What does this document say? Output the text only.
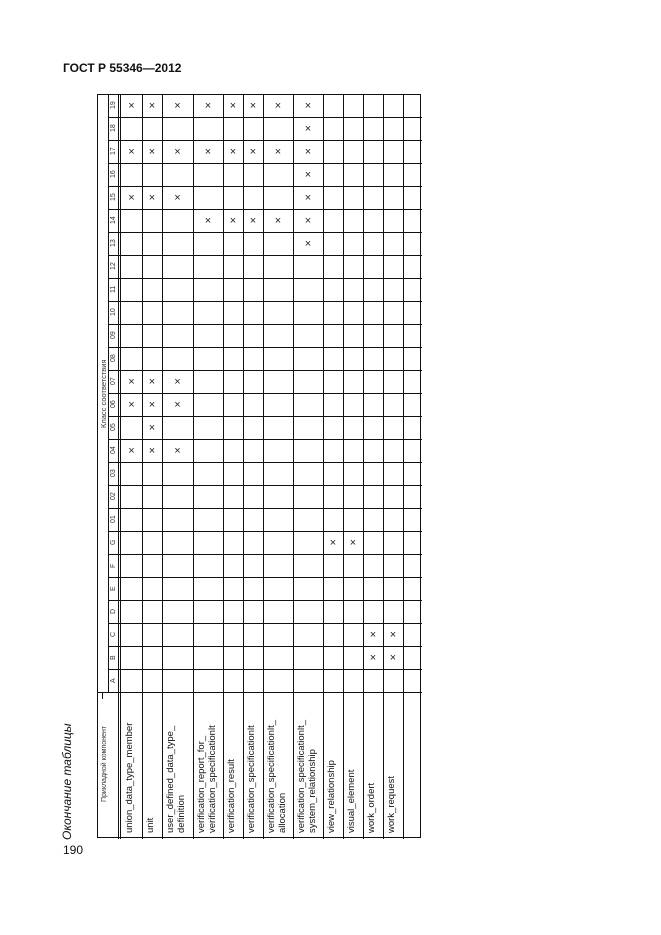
ГОСТ Р 55346—2012
Окончание таблицы
190
Класс соответствия
Прикладной компонент
A
B
C
D
E
F
G
01
02
03
04
05
06
07
08
09
10
11
12
13
14
15
16
17
18
19
union_data_type_member
×
×
×
×
×
×
unit
×
×
×
×
×
×
×
user_defined_data_type_ definition
×
×
×
×
×
×
verification_report_for_ verification_specificationlt
×
×
×
verification_result
×
×
×
verification_specificationlt
×
×
×
verification_specificationlt_ allocation
×
×
×
verification_specificationlt_ system_relationship
×
×
×
×
×
×
×
view_relationship
×
visual_element
×
work_ordert
×
×
work_request
×
×
